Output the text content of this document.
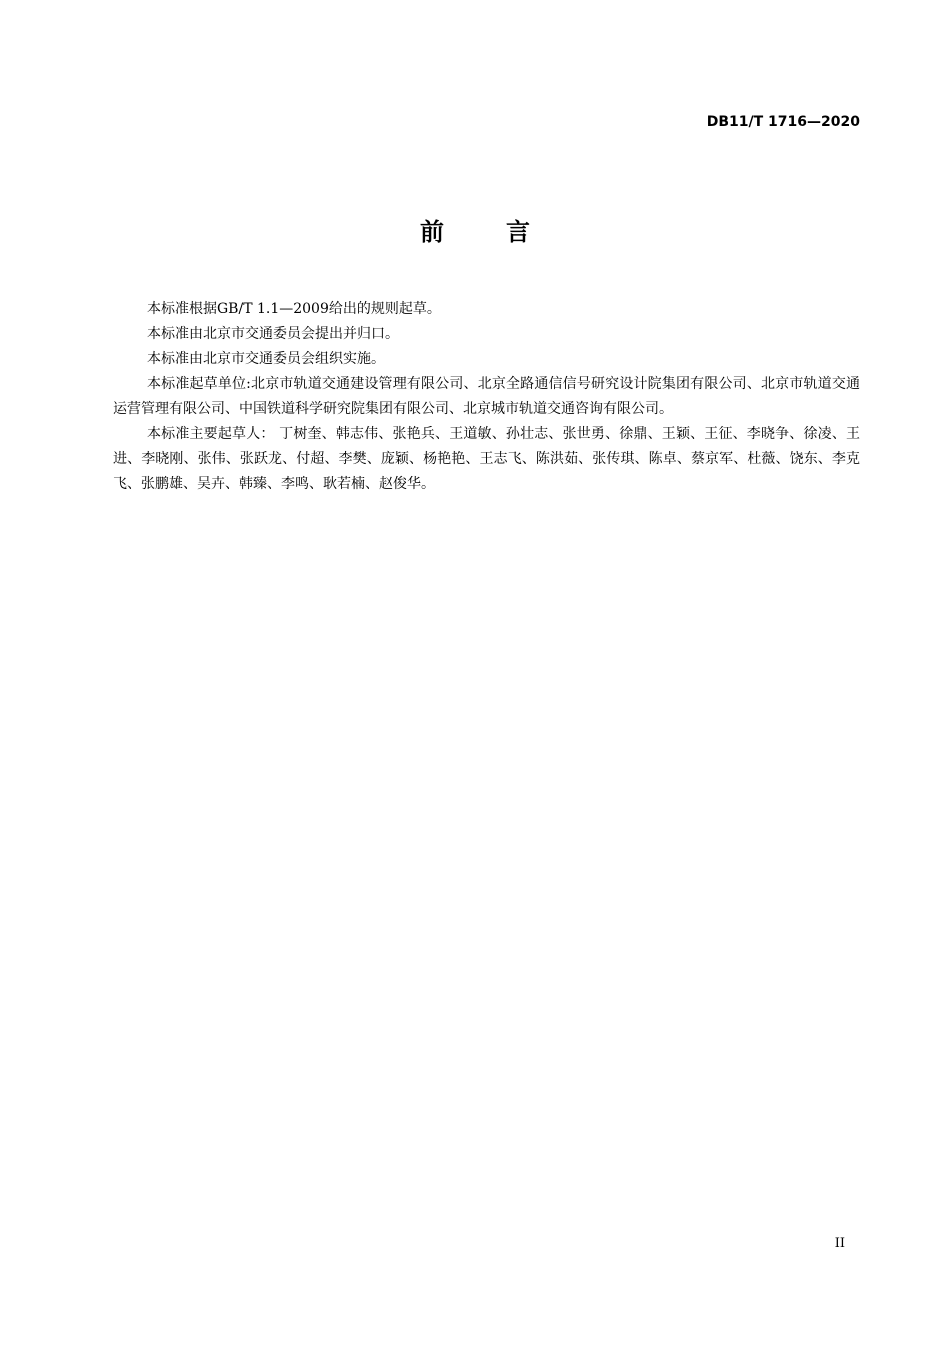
DB11/T 1716—2020

前言

本标准根据GB/T 1.1—2009给出的规则起草。

本标准由北京市交通委员会提出并归口。

本标准由北京市交通委员会组织实施。

本标准起草单位:北京市轨道交通建设管理有限公司、北京全路通信信号研究设计院集团有限公司、北京市轨道交通运营管理有限公司、中国铁道科学研究院集团有限公司、北京城市轨道交通咨询有限公司。

本标准主要起草人： 丁树奎、韩志伟、张艳兵、王道敏、孙壮志、张世勇、徐鼎、王颖、王征、李晓争、徐凌、王进、李晓刚、张伟、张跃龙、付超、李樊、庞颖、杨艳艳、王志飞、陈洪茹、张传琪、陈卓、蔡京军、杜薇、饶东、李克飞、张鹏雄、吴卉、韩臻、李鸣、耿若楠、赵俊华。

II
